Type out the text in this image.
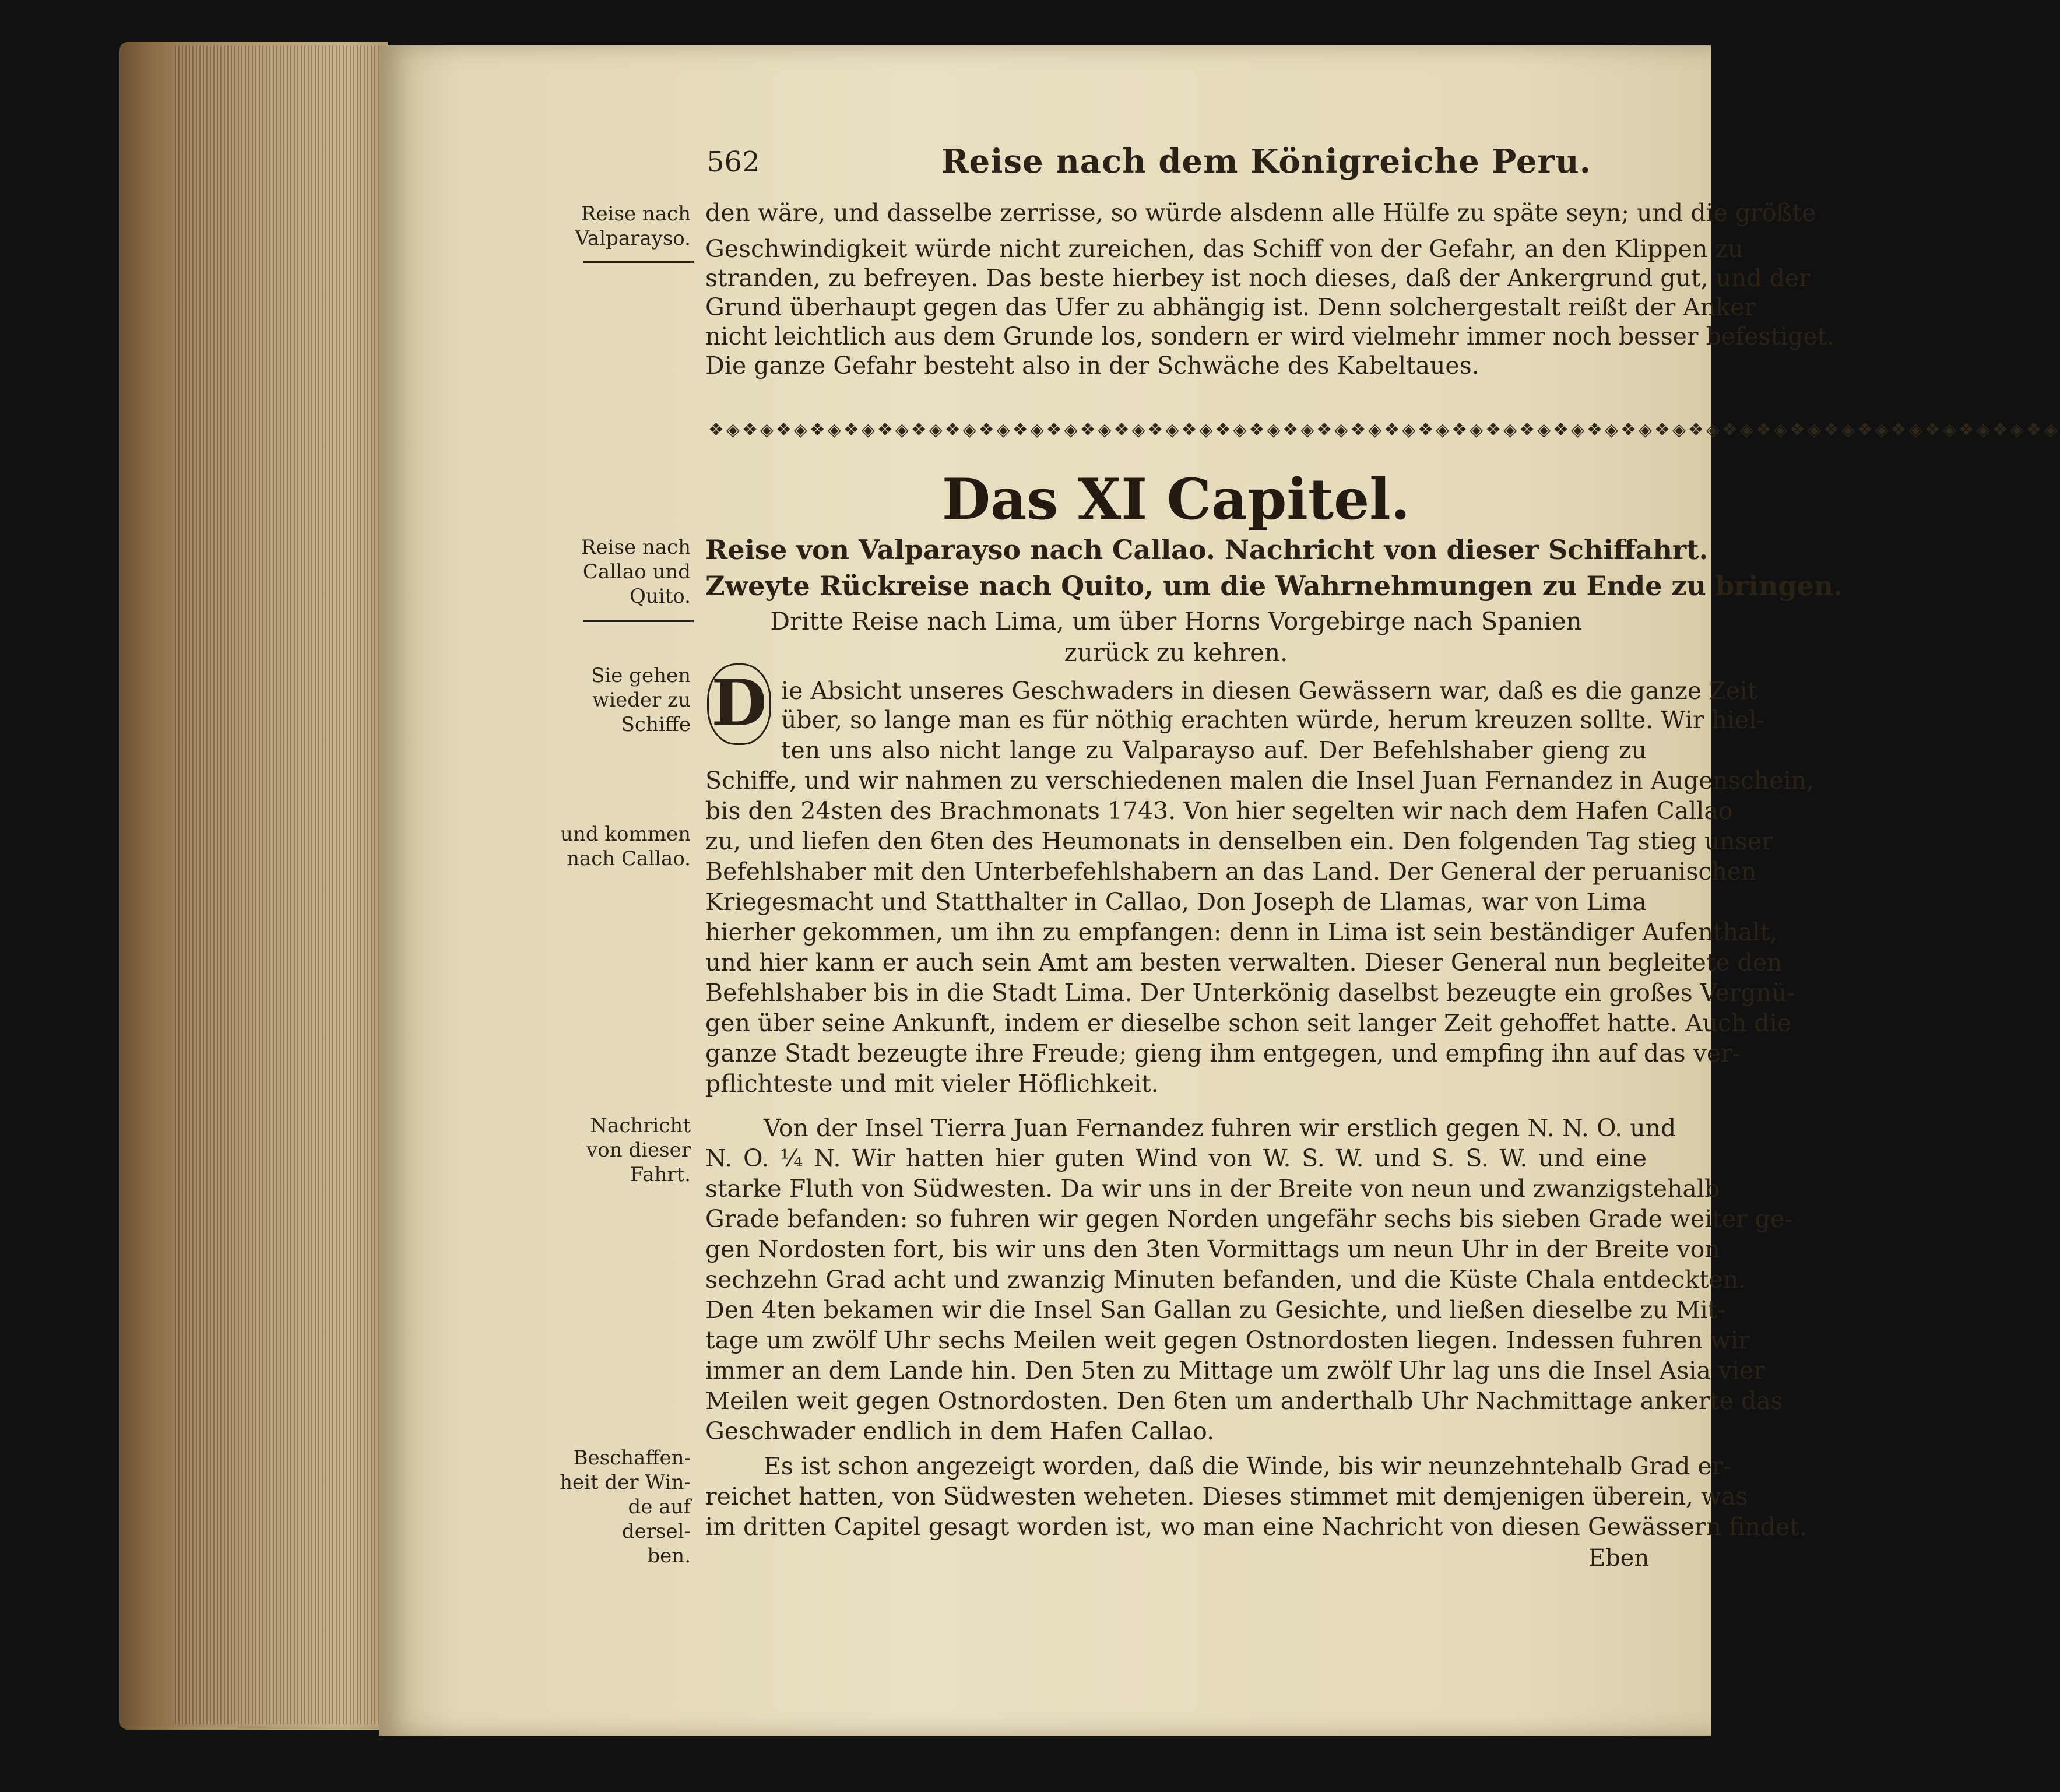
562	Reise nach dem Königreiche Peru.
Reise nach
Valparayso.
Reise nach
Callao und
Quito.
Sie gehen
wieder zu
Schiffe
und kommen
nach Callao.
Nachricht
von dieser
Fahrt.
Beschaffen-
heit der Win-
de auf dersel-
ben.
den wäre, und dasselbe zerrisse, so würde alsdenn alle Hülfe zu späte seyn; und die größte
Geschwindigkeit würde nicht zureichen, das Schiff von der Gefahr, an den Klippen zu
stranden, zu befreyen. Das beste hierbey ist noch dieses, daß der Ankergrund gut, und der
Grund überhaupt gegen das Ufer zu abhängig ist. Denn solchergestalt reißt der Anker
nicht leichtlich aus dem Grunde los, sondern er wird vielmehr immer noch besser befestiget.
Die ganze Gefahr besteht also in der Schwäche des Kabeltaues.
❖◈❖◈❖◈❖◈❖◈❖◈❖◈❖◈❖◈❖◈❖◈❖◈❖◈❖◈❖◈❖◈❖◈❖◈❖◈❖◈❖◈❖◈❖◈❖◈❖◈❖◈❖◈❖◈❖◈❖◈❖◈❖◈❖◈❖◈❖◈❖◈❖◈❖◈❖◈❖◈
Das XI Capitel.
Reise von Valparayso nach Callao. Nachricht von dieser Schiffahrt.
Zweyte Rückreise nach Quito, um die Wahrnehmungen zu Ende zu bringen.
Dritte Reise nach Lima, um über Horns Vorgebirge nach Spanien
zurück zu kehren.
D ie Absicht unseres Geschwaders in diesen Gewässern war, daß es die ganze Zeit
über, so lange man es für nöthig erachten würde, herum kreuzen sollte. Wir hiel-
ten uns also nicht lange zu Valparayso auf. Der Befehlshaber gieng zu
Schiffe, und wir nahmen zu verschiedenen malen die Insel Juan Fernandez in Augenschein,
bis den 24sten des Brachmonats 1743. Von hier segelten wir nach dem Hafen Callao
zu, und liefen den 6ten des Heumonats in denselben ein. Den folgenden Tag stieg unser
Befehlshaber mit den Unterbefehlshabern an das Land. Der General der peruanischen
Kriegesmacht und Statthalter in Callao, Don Joseph de Llamas, war von Lima
hierher gekommen, um ihn zu empfangen: denn in Lima ist sein beständiger Aufenthalt,
und hier kann er auch sein Amt am besten verwalten. Dieser General nun begleitete den
Befehlshaber bis in die Stadt Lima. Der Unterkönig daselbst bezeugte ein großes Vergnü-
gen über seine Ankunft, indem er dieselbe schon seit langer Zeit gehoffet hatte. Auch die
ganze Stadt bezeugte ihre Freude; gieng ihm entgegen, und empfing ihn auf das ver-
pflichteste und mit vieler Höflichkeit.
Von der Insel Tierra Juan Fernandez fuhren wir erstlich gegen N. N. O. und
N. O. ¼ N. Wir hatten hier guten Wind von W. S. W. und S. S. W. und eine
starke Fluth von Südwesten. Da wir uns in der Breite von neun und zwanzigstehalb
Grade befanden: so fuhren wir gegen Norden ungefähr sechs bis sieben Grade weiter ge-
gen Nordosten fort, bis wir uns den 3ten Vormittags um neun Uhr in der Breite von
sechzehn Grad acht und zwanzig Minuten befanden, und die Küste Chala entdeckten.
Den 4ten bekamen wir die Insel San Gallan zu Gesichte, und ließen dieselbe zu Mit-
tage um zwölf Uhr sechs Meilen weit gegen Ostnordosten liegen. Indessen fuhren wir
immer an dem Lande hin. Den 5ten zu Mittage um zwölf Uhr lag uns die Insel Asia vier
Meilen weit gegen Ostnordosten. Den 6ten um anderthalb Uhr Nachmittage ankerte das
Geschwader endlich in dem Hafen Callao.
Es ist schon angezeigt worden, daß die Winde, bis wir neunzehntehalb Grad er-
reichet hatten, von Südwesten weheten. Dieses stimmet mit demjenigen überein, was
im dritten Capitel gesagt worden ist, wo man eine Nachricht von diesen Gewässern findet.
Eben
